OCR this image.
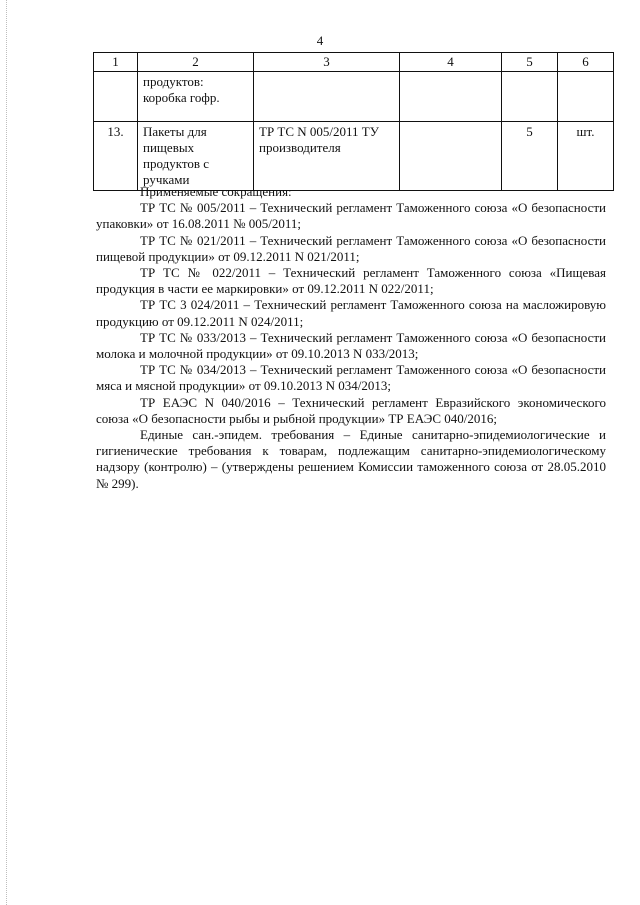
4
1	2	3	4	5	6
	продуктов: коробка гофр.				
13.	Пакеты для пищевых продуктов с ручками	ТР ТС N 005/2011 ТУ производителя		5	шт.
Применяемые сокращения:

ТР ТС № 005/2011 – Технический регламент Таможенного союза «О безопасности упаковки» от 16.08.2011 № 005/2011;

ТР ТС № 021/2011 – Технический регламент Таможенного союза «О безопасности пищевой продукции» от 09.12.2011 N 021/2011;

ТР ТС № 022/2011 – Технический регламент Таможенного союза «Пищевая продукция в части ее маркировки» от 09.12.2011 N 022/2011;

ТР ТС 3 024/2011 – Технический регламент Таможенного союза на масложировую продукцию от 09.12.2011 N 024/2011;

ТР ТС № 033/2013 – Технический регламент Таможенного союза «О безопасности молока и молочной продукции» от 09.10.2013 N 033/2013;

ТР ТС № 034/2013 – Технический регламент Таможенного союза «О безопасности мяса и мясной продукции» от 09.10.2013 N 034/2013;

ТР ЕАЭС N 040/2016 – Технический регламент Евразийского экономического союза «О безопасности рыбы и рыбной продукции» ТР ЕАЭС 040/2016;

Единые сан.-эпидем. требования – Единые санитарно-эпидемиологические и гигиенические требования к товарам, подлежащим санитарно-эпидемиологическому надзору (контролю) – (утверждены решением Комиссии таможенного союза от 28.05.2010 № 299).
